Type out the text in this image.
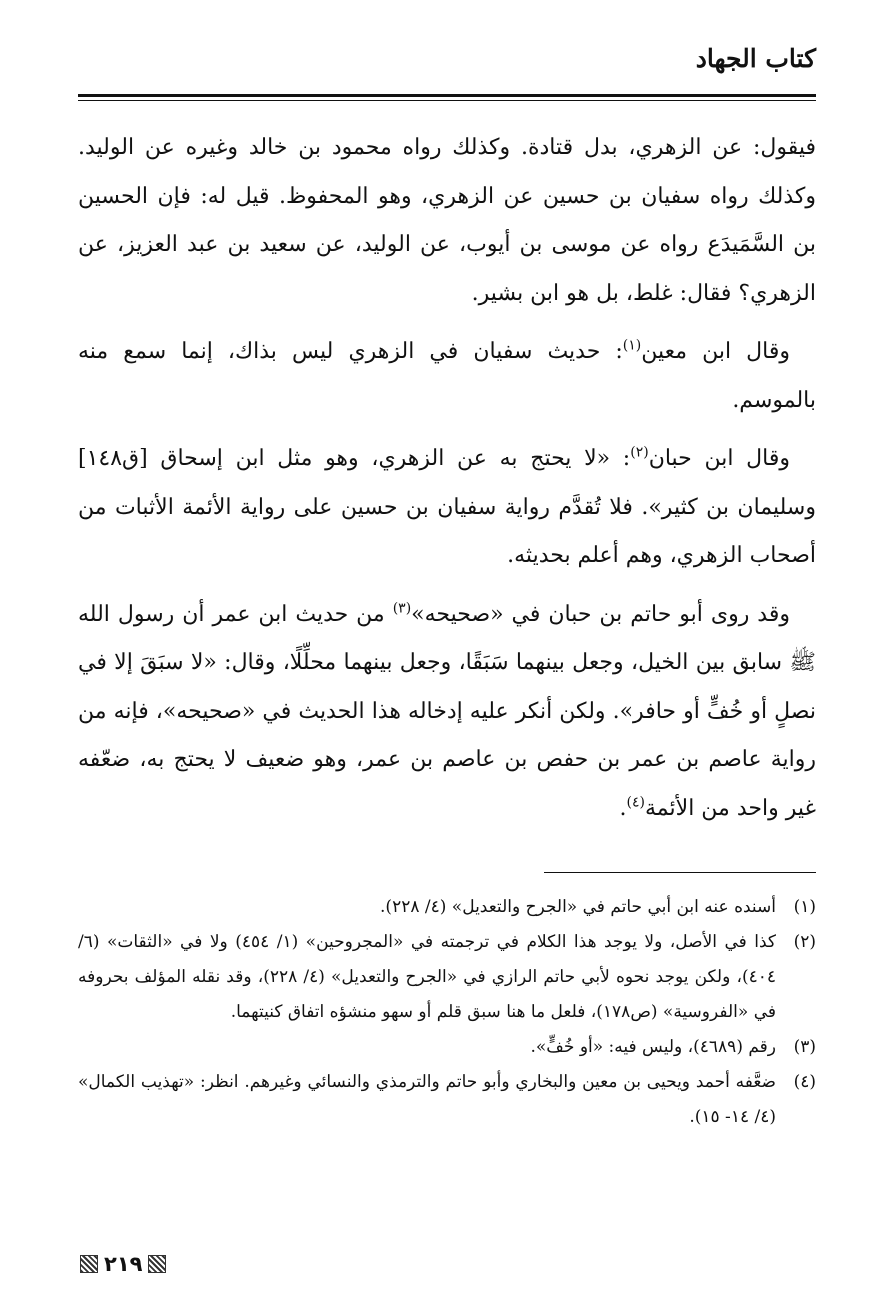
كتاب الجهاد

فيقول: عن الزهري، بدل قتادة. وكذلك رواه محمود بن خالد وغيره عن الوليد. وكذلك رواه سفيان بن حسين عن الزهري، وهو المحفوظ. قيل له: فإن الحسين بن السَّمَيدَع رواه عن موسى بن أيوب، عن الوليد، عن سعيد بن عبد العزيز، عن الزهري؟ فقال: غلط، بل هو ابن بشير.

وقال ابن معين$^{(١)}$: حديث سفيان في الزهري ليس بذاك، إنما سمع منه بالموسم.

وقال ابن حبان$^{(٢)}$: «لا يحتج به عن الزهري، وهو مثل ابن إسحاق [ق١٤٨] وسليمان بن كثير». فلا تُقدَّم رواية سفيان بن حسين على رواية الأئمة الأثبات من أصحاب الزهري، وهم أعلم بحديثه.

وقد روى أبو حاتم بن حبان في «صحيحه»$^{(٣)}$ من حديث ابن عمر أن رسول الله ﷺ سابق بين الخيل، وجعل بينهما سَبَقًا، وجعل بينهما محلِّلًا، وقال: «لا سبَقَ إلا في نصلٍ أو خُفٍّ أو حافر». ولكن أنكر عليه إدخاله هذا الحديث في «صحيحه»، فإنه من رواية عاصم بن عمر بن حفص بن عاصم بن عمر، وهو ضعيف لا يحتج به، ضعّفه غير واحد من الأئمة$^{(٤)}$.

(١)
أسنده عنه ابن أبي حاتم في «الجرح والتعديل» (٤/ ٢٢٨).
(٢)
كذا في الأصل، ولا يوجد هذا الكلام في ترجمته في «المجروحين» (١/ ٤٥٤) ولا في «الثقات» (٦/ ٤٠٤)، ولكن يوجد نحوه لأبي حاتم الرازي في «الجرح والتعديل» (٤/ ٢٢٨)، وقد نقله المؤلف بحروفه في «الفروسية» (ص١٧٨)، فلعل ما هنا سبق قلم أو سهو منشؤه اتفاق كنيتهما.
(٣)
رقم (٤٦٨٩)، وليس فيه: «أو خُفٍّ».
(٤)
ضعَّفه أحمد ويحيى بن معين والبخاري وأبو حاتم والترمذي والنسائي وغيرهم. انظر: «تهذيب الكمال» (٤/ ١٤- ١٥).
٢١٩
